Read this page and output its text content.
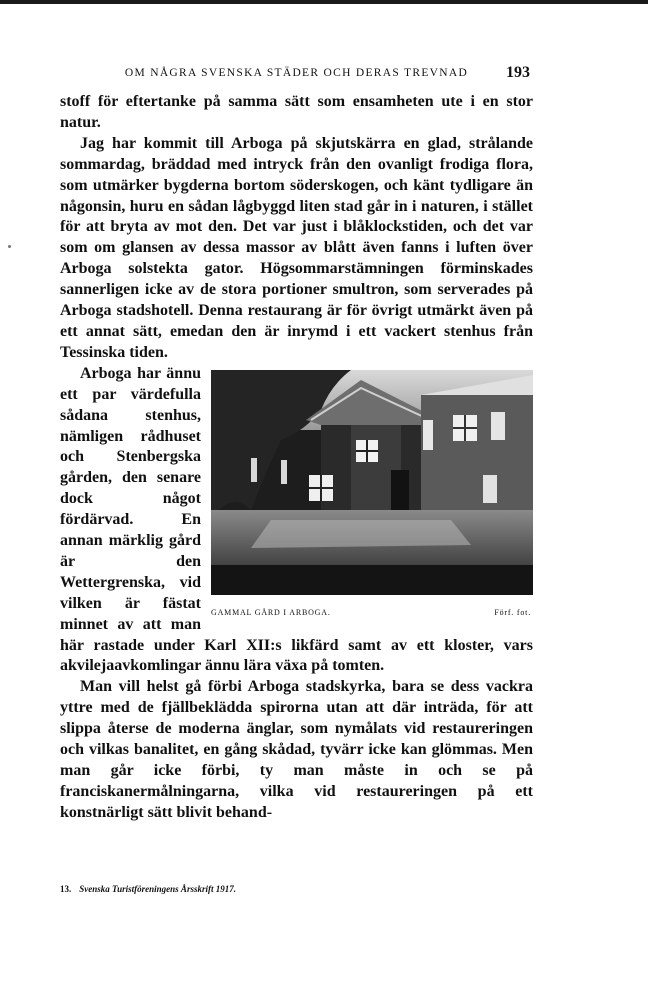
OM NÅGRA SVENSKA STÄDER OCH DERAS TREVNAD	193

stoff för eftertanke på samma sätt som ensamheten ute i en stor natur.

Jag har kommit till Arboga på skjutskärra en glad, strålande sommardag, bräddad med intryck från den ovanligt frodiga flora, som utmärker bygderna bortom söderskogen, och känt tydligare än någonsin, huru en sådan lågbyggd liten stad går in i naturen, i stället för att bryta av mot den. Det var just i blåklockstiden, och det var som om glansen av dessa massor av blått även fanns i luften över Arboga solstekta gator. Högsommarstämningen förminskades sannerligen icke av de stora portioner smultron, som serverades på Arboga stadshotell. Denna restaurang är för övrigt utmärkt även på ett annat sätt, emedan den är inrymd i ett vackert stenhus från Tessinska tiden.

GAMMAL GÅRD I ARBOGA.	Förf. fot.

Arboga har ännu ett par värdefulla sådana stenhus, nämligen rådhuset och Stenbergska gården, den senare dock något fördärvad. En annan märklig gård är den Wettergrenska, vid vilken är fästat minnet av att man här rastade under Karl XII:s likfärd samt av ett kloster, vars akvilejaavkomlingar ännu lära växa på tomten.

Man vill helst gå förbi Arboga stadskyrka, bara se dess vackra yttre med de fjällbeklädda spirorna utan att där inträda, för att slippa återse de moderna änglar, som nymålats vid restaureringen och vilkas banalitet, en gång skådad, tyvärr icke kan glömmas. Men man går icke förbi, ty man måste in och se på franciskanermålningarna, vilka vid restaureringen på ett konstnärligt sätt blivit behand-

13. Svenska Turistföreningens Årsskrift 1917.
